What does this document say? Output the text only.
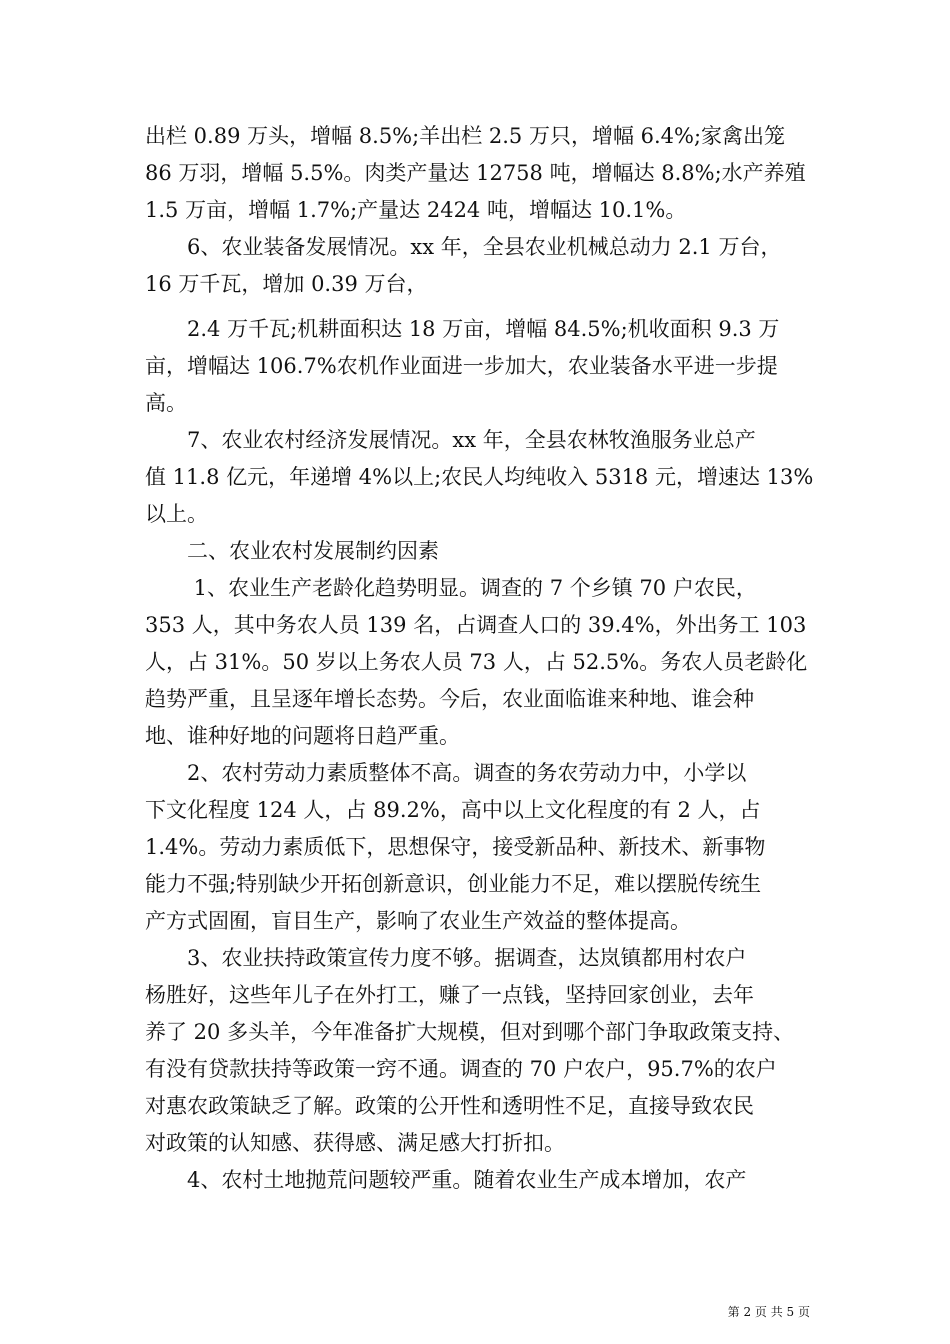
出栏 0.89 万头，增幅 8.5%;羊出栏 2.5 万只，增幅 6.4%;家禽出笼
86 万羽，增幅 5.5%。肉类产量达 12758 吨，增幅达 8.8%;水产养殖
1.5 万亩，增幅 1.7%;产量达 2424 吨，增幅达 10.1%。
　　6、农业装备发展情况。xx 年，全县农业机械总动力 2.1 万台，
16 万千瓦，增加 0.39 万台，
　　2.4 万千瓦;机耕面积达 18 万亩，增幅 84.5%;机收面积 9.3 万
亩，增幅达 106.7%农机作业面进一步加大，农业装备水平进一步提
高。
　　7、农业农村经济发展情况。xx 年，全县农林牧渔服务业总产
值 11.8 亿元，年递增 4%以上;农民人均纯收入 5318 元，增速达 13%
以上。
　　二、农业农村发展制约因素
　　 1、农业生产老龄化趋势明显。调查的 7 个乡镇 70 户农民，
353 人，其中务农人员 139 名，占调查人口的 39.4%，外出务工 103
人，占 31%。50 岁以上务农人员 73 人，占 52.5%。务农人员老龄化
趋势严重，且呈逐年增长态势。今后，农业面临谁来种地、谁会种
地、谁种好地的问题将日趋严重。
　　2、农村劳动力素质整体不高。调查的务农劳动力中，小学以
下文化程度 124 人，占 89.2%，高中以上文化程度的有 2 人，占
1.4%。劳动力素质低下，思想保守，接受新品种、新技术、新事物
能力不强;特别缺少开拓创新意识，创业能力不足，难以摆脱传统生
产方式固囿，盲目生产，影响了农业生产效益的整体提高。
　　3、农业扶持政策宣传力度不够。据调查，达岚镇都用村农户
杨胜好，这些年儿子在外打工，赚了一点钱，坚持回家创业，去年
养了 20 多头羊，今年准备扩大规模，但对到哪个部门争取政策支持、
有没有贷款扶持等政策一窍不通。调查的 70 户农户，95.7%的农户
对惠农政策缺乏了解。政策的公开性和透明性不足，直接导致农民
对政策的认知感、获得感、满足感大打折扣。
　　4、农村土地抛荒问题较严重。随着农业生产成本增加，农产
第 2 页 共 5 页
